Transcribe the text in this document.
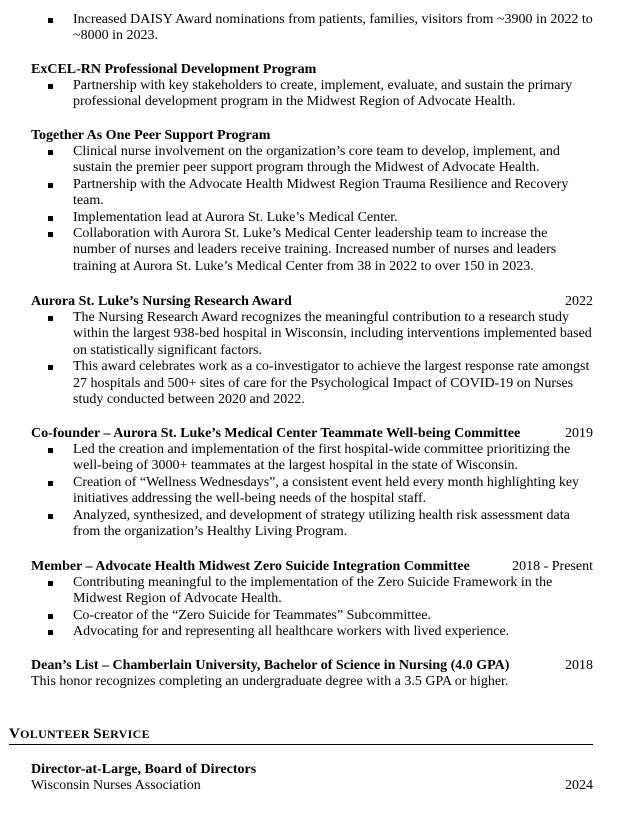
Increased DAISY Award nominations from patients, families, visitors from ~3900 in 2022 to ~8000 in 2023.
ExCEL-RN Professional Development Program
Partnership with key stakeholders to create, implement, evaluate, and sustain the primary professional development program in the Midwest Region of Advocate Health.
Together As One Peer Support Program
Clinical nurse involvement on the organization’s core team to develop, implement, and sustain the premier peer support program through the Midwest of Advocate Health.
Partnership with the Advocate Health Midwest Region Trauma Resilience and Recovery team.
Implementation lead at Aurora St. Luke’s Medical Center.
Collaboration with Aurora St. Luke’s Medical Center leadership team to increase the number of nurses and leaders receive training. Increased number of nurses and leaders training at Aurora St. Luke’s Medical Center from 38 in 2022 to over 150 in 2023.
Aurora St. Luke’s Nursing Research Award	2022
The Nursing Research Award recognizes the meaningful contribution to a research study within the largest 938-bed hospital in Wisconsin, including interventions implemented based on statistically significant factors.
This award celebrates work as a co-investigator to achieve the largest response rate amongst 27 hospitals and 500+ sites of care for the Psychological Impact of COVID-19 on Nurses study conducted between 2020 and 2022.
Co-founder – Aurora St. Luke’s Medical Center Teammate Well-being Committee	2019
Led the creation and implementation of the first hospital-wide committee prioritizing the well-being of 3000+ teammates at the largest hospital in the state of Wisconsin.
Creation of “Wellness Wednesdays”, a consistent event held every month highlighting key initiatives addressing the well-being needs of the hospital staff.
Analyzed, synthesized, and development of strategy utilizing health risk assessment data from the organization’s Healthy Living Program.
Member – Advocate Health Midwest Zero Suicide Integration Committee	2018 - Present
Contributing meaningful to the implementation of the Zero Suicide Framework in the Midwest Region of Advocate Health.
Co-creator of the “Zero Suicide for Teammates” Subcommittee.
Advocating for and representing all healthcare workers with lived experience.
Dean’s List – Chamberlain University, Bachelor of Science in Nursing (4.0 GPA)	2018
This honor recognizes completing an undergraduate degree with a 3.5 GPA or higher.
VOLUNTEER SERVICE
Director-at-Large, Board of Directors
Wisconsin Nurses Association	2024
